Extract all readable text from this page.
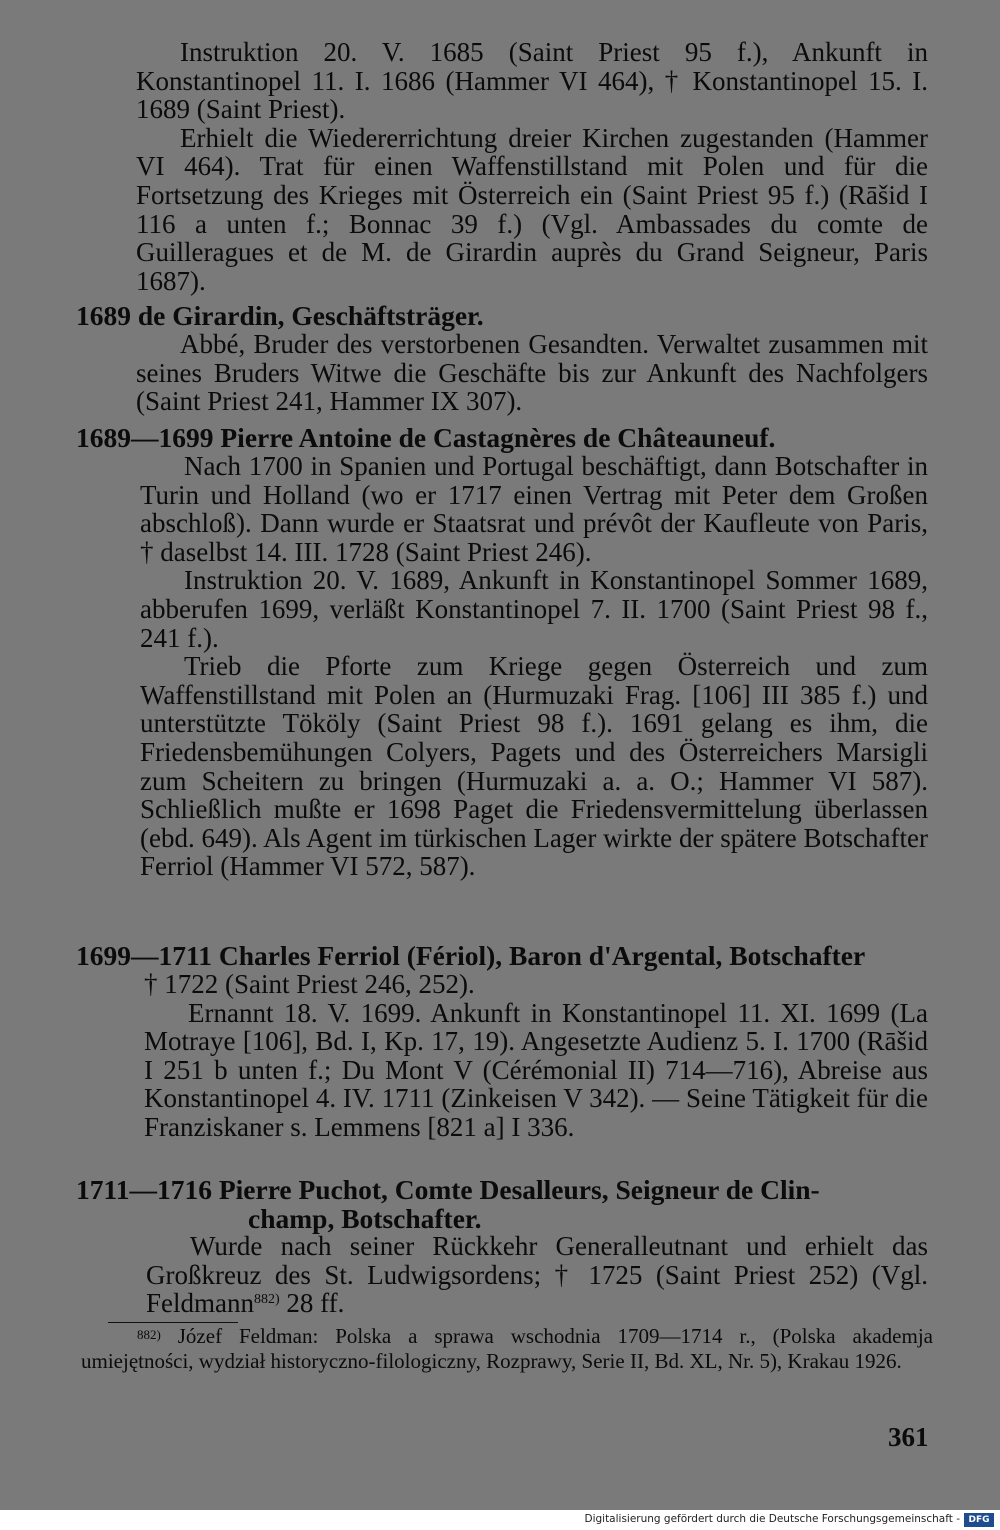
Instruktion 20. V. 1685 (Saint Priest 95 f.), Ankunft in Konstantinopel 11. I. 1686 (Hammer VI 464), † Konstantinopel 15. I. 1689 (Saint Priest).

Erhielt die Wiedererrichtung dreier Kirchen zugestanden (Hammer VI 464). Trat für einen Waffenstillstand mit Polen und für die Fortsetzung des Krieges mit Österreich ein (Saint Priest 95 f.) (Rāšid I 116 a unten f.; Bonnac 39 f.) (Vgl. Ambassades du comte de Guilleragues et de M. de Girardin auprès du Grand Seigneur, Paris 1687).

1689 de Girardin, Geschäftsträger.

Abbé, Bruder des verstorbenen Gesandten. Verwaltet zusammen mit seines Bruders Witwe die Geschäfte bis zur Ankunft des Nachfolgers (Saint Priest 241, Hammer IX 307).

1689—1699 Pierre Antoine de Castagnères de Châteauneuf.

Nach 1700 in Spanien und Portugal beschäftigt, dann Botschafter in Turin und Holland (wo er 1717 einen Vertrag mit Peter dem Großen abschloß). Dann wurde er Staatsrat und prévôt der Kaufleute von Paris, † daselbst 14. III. 1728 (Saint Priest 246).

Instruktion 20. V. 1689, Ankunft in Konstantinopel Sommer 1689, abberufen 1699, verläßt Konstantinopel 7. II. 1700 (Saint Priest 98 f., 241 f.).

Trieb die Pforte zum Kriege gegen Österreich und zum Waffenstillstand mit Polen an (Hurmuzaki Frag. [106] III 385 f.) und unterstützte Tököly (Saint Priest 98 f.). 1691 gelang es ihm, die Friedensbemühungen Colyers, Pagets und des Österreichers Marsigli zum Scheitern zu bringen (Hurmuzaki a. a. O.; Hammer VI 587). Schließlich mußte er 1698 Paget die Friedensvermittelung überlassen (ebd. 649). Als Agent im türkischen Lager wirkte der spätere Botschafter Ferriol (Hammer VI 572, 587).

1699—1711 Charles Ferriol (Fériol), Baron d'Argental, Botschafter

† 1722 (Saint Priest 246, 252).

Ernannt 18. V. 1699. Ankunft in Konstantinopel 11. XI. 1699 (La Motraye [106], Bd. I, Kp. 17, 19). Angesetzte Audienz 5. I. 1700 (Rāšid I 251 b unten f.; Du Mont V (Cérémonial II) 714—716), Abreise aus Konstantinopel 4. IV. 1711 (Zinkeisen V 342). — Seine Tätigkeit für die Franziskaner s. Lemmens [821 a] I 336.

1711—1716 Pierre Puchot, Comte Desalleurs, Seigneur de Clin-
champ, Botschafter.

Wurde nach seiner Rückkehr Generalleutnant und erhielt das Großkreuz des St. Ludwigsordens; † 1725 (Saint Priest 252) (Vgl. Feldmann$^{882)}$ 28 ff.

$^{882)}$ Józef Feldman: Polska a sprawa wschodnia 1709—1714 r., (Polska akademja umiejętności, wydział historyczno-filologiczny, Rozprawy, Serie II, Bd. XL, Nr. 5), Krakau 1926.

361
Digitalisierung gefördert durch die Deutsche Forschungsgemeinschaft - DFG
